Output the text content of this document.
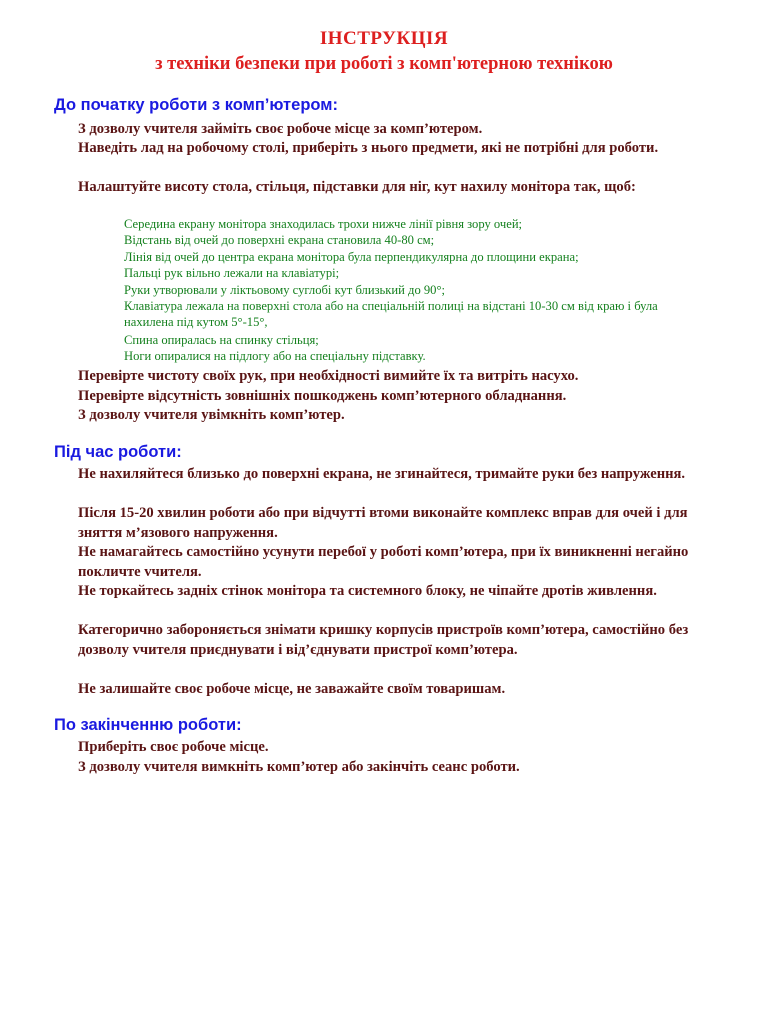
ІНСТРУКЦІЯ
з техніки безпеки при роботі з комп'ютерною технікою
До початку роботи з комп’ютером:

З дозволу vчителя займіть своє робоче місце за комп’ютером.

Наведіть лад на робочому столі, приберіть з нього предмети, які не потрібні для роботи.

Налаштуйте висоту стола, стільця, підставки для ніг, кут нахилу монітора так, щоб:

Середина екрану монітора знаходилась трохи нижче лінії рівня зору очей;

Відстань від очей до поверхні екрана становила 40-80 см;

Лінія від очей до центра екрана монітора була перпендикулярна до площини екрана;

Пальці рук вільно лежали на клавіатурі;

Руки утворювали у ліктьовому суглобі кут близький до 90°;

Клавіатура лежала на поверхні стола або на спеціальній полиці на відстані 10-30 см від краю і була нахилена під кутом 5°-15°,

Спина опиралась на спинку стільця;

Ноги опиралися на підлогу або на спеціальну підставку.

Перевірте чистоту своїх рук, при необхідності вимийте їх та витріть насухо.

Перевірте відсутність зовнішніх пошкоджень комп’ютерного обладнання.

З дозволу vчителя увімкніть комп’ютер.

Під час роботи:

Не нахиляйтеся близько до поверхні екрана, не згинайтеся, тримайте руки без напруження.

Після 15-20 хвилин роботи або при відчутті втоми виконайте комплекс вправ для очей і для зняття м’язового напруження.

Не намагайтесь самостійно усунути перебої у роботі комп’ютера, при їх виникненні негайно покличте vчителя.

Не торкайтесь задніх стінок монітора та системного блоку, не чіпайте дротів живлення.

Категорично забороняється знімати кришку корпусів пристроїв комп’ютера, самостійно без дозволу vчителя приєднувати і від’єднувати пристрої комп’ютера.

Не залишайте своє робоче місце, не заважайте своїм товаришам.

По закінченню роботи:

Приберіть своє робоче місце.

З дозволу vчителя вимкніть комп’ютер або закінчіть сеанс роботи.
